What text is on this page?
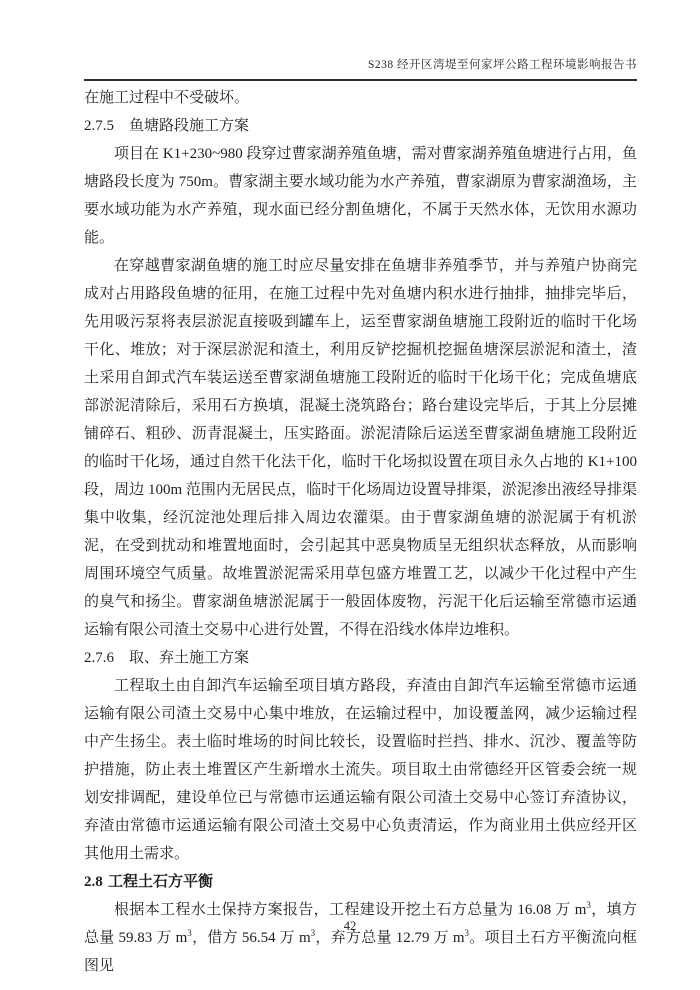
S238 经开区湾堤至何家坪公路工程环境影响报告书

在施工过程中不受破坏。

2.7.5 鱼塘路段施工方案

项目在 K1+230~980 段穿过曹家湖养殖鱼塘，需对曹家湖养殖鱼塘进行占用，鱼塘路段长度为 750m。曹家湖主要水域功能为水产养殖，曹家湖原为曹家湖渔场，主要水域功能为水产养殖，现水面已经分割鱼塘化，不属于天然水体，无饮用水源功能。

在穿越曹家湖鱼塘的施工时应尽量安排在鱼塘非养殖季节，并与养殖户协商完成对占用路段鱼塘的征用，在施工过程中先对鱼塘内积水进行抽排，抽排完毕后，先用吸污泵将表层淤泥直接吸到罐车上，运至曹家湖鱼塘施工段附近的临时干化场干化、堆放；对于深层淤泥和渣土，利用反铲挖掘机挖掘鱼塘深层淤泥和渣土，渣土采用自卸式汽车装运送至曹家湖鱼塘施工段附近的临时干化场干化；完成鱼塘底部淤泥清除后，采用石方换填，混凝土浇筑路台；路台建设完毕后，于其上分层摊铺碎石、粗砂、沥青混凝土，压实路面。淤泥清除后运送至曹家湖鱼塘施工段附近的临时干化场，通过自然干化法干化，临时干化场拟设置在项目永久占地的 K1+100 段，周边 100m 范围内无居民点，临时干化场周边设置导排渠，淤泥渗出液经导排渠集中收集，经沉淀池处理后排入周边农灌渠。由于曹家湖鱼塘的淤泥属于有机淤泥，在受到扰动和堆置地面时，会引起其中恶臭物质呈无组织状态释放，从而影响周围环境空气质量。故堆置淤泥需采用草包盛方堆置工艺，以减少干化过程中产生的臭气和扬尘。曹家湖鱼塘淤泥属于一般固体废物，污泥干化后运输至常德市运通运输有限公司渣土交易中心进行处置，不得在沿线水体岸边堆积。

2.7.6 取、弃土施工方案

工程取土由自卸汽车运输至项目填方路段，弃渣由自卸汽车运输至常德市运通运输有限公司渣土交易中心集中堆放，在运输过程中，加设覆盖网，减少运输过程中产生扬尘。表土临时堆场的时间比较长，设置临时拦挡、排水、沉沙、覆盖等防护措施，防止表土堆置区产生新增水土流失。项目取土由常德经开区管委会统一规划安排调配，建设单位已与常德市运通运输有限公司渣土交易中心签订弃渣协议，弃渣由常德市运通运输有限公司渣土交易中心负责清运，作为商业用土供应经开区其他用土需求。

2.8 工程土石方平衡

根据本工程水土保持方案报告，工程建设开挖土石方总量为 16.08 万 $m^3$，填方总量 59.83 万 $m^3$，借方 56.54 万 $m^3$，弃方总量 12.79 万 $m^3$。项目土石方平衡流向框图见

42
